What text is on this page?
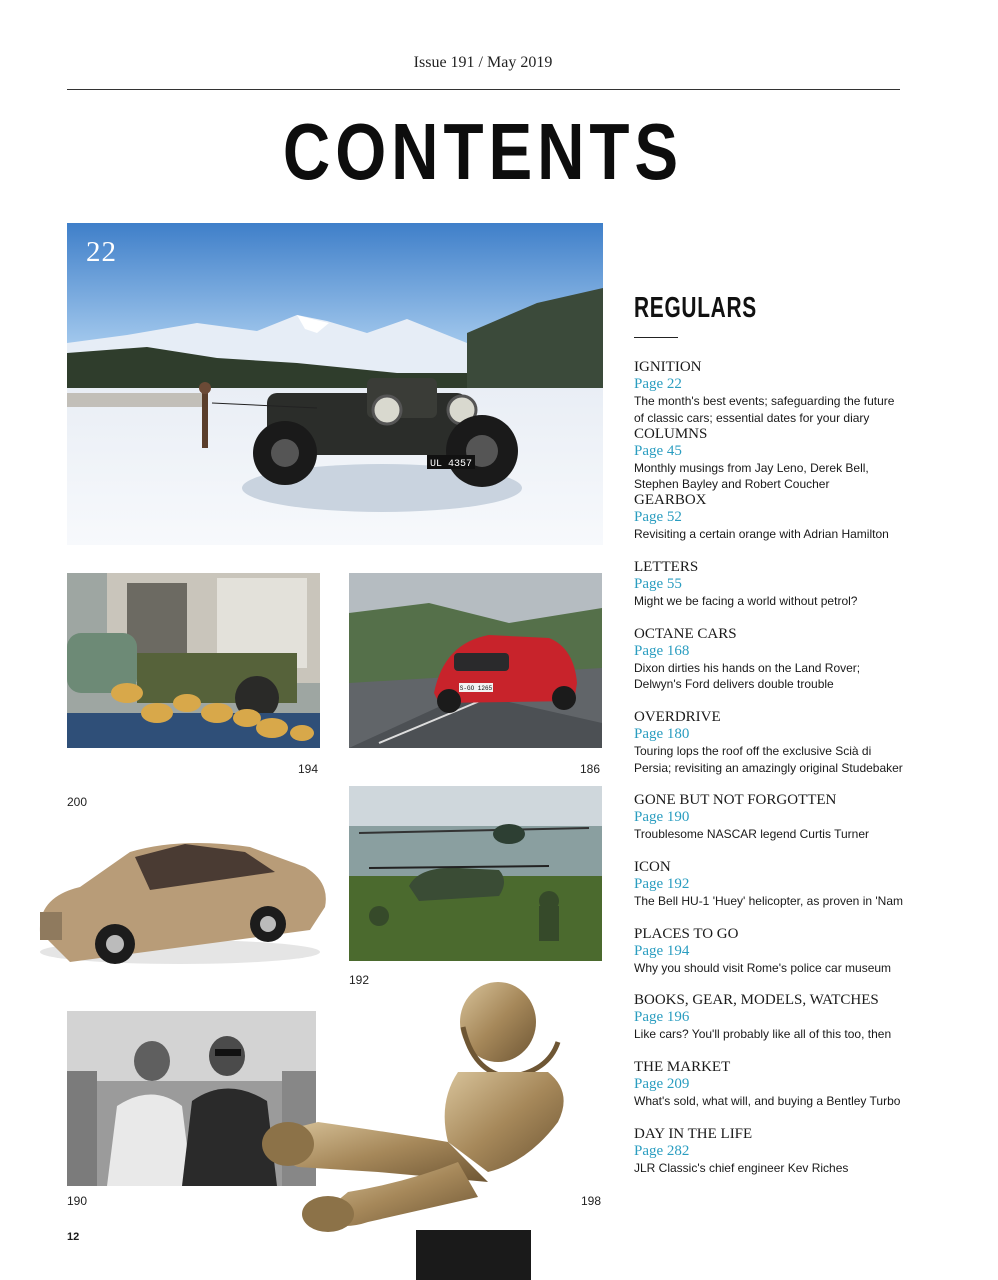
Issue 191 / May 2019
CONTENTS
UL 4357
22
S-GO 1265
194	186
200
192
190	198
REGULARS
IGNITION
Page 22
The month's best events; safeguarding the future
of classic cars; essential dates for your diary
COLUMNS
Page 45
Monthly musings from Jay Leno, Derek Bell,
Stephen Bayley and Robert Coucher
GEARBOX
Page 52
Revisiting a certain orange with Adrian Hamilton
LETTERS
Page 55
Might we be facing a world without petrol?
OCTANE CARS
Page 168
Dixon dirties his hands on the Land Rover;
Delwyn's Ford delivers double trouble
OVERDRIVE
Page 180
Touring lops the roof off the exclusive Scià di
Persia; revisiting an amazingly original Studebaker
GONE BUT NOT FORGOTTEN
Page 190
Troublesome NASCAR legend Curtis Turner
ICON
Page 192
The Bell HU-1 'Huey' helicopter, as proven in 'Nam
PLACES TO GO
Page 194
Why you should visit Rome's police car museum
BOOKS, GEAR, MODELS, WATCHES
Page 196
Like cars? You'll probably like all of this too, then
THE MARKET
Page 209
What's sold, what will, and buying a Bentley Turbo
DAY IN THE LIFE
Page 282
JLR Classic's chief engineer Kev Riches
12
